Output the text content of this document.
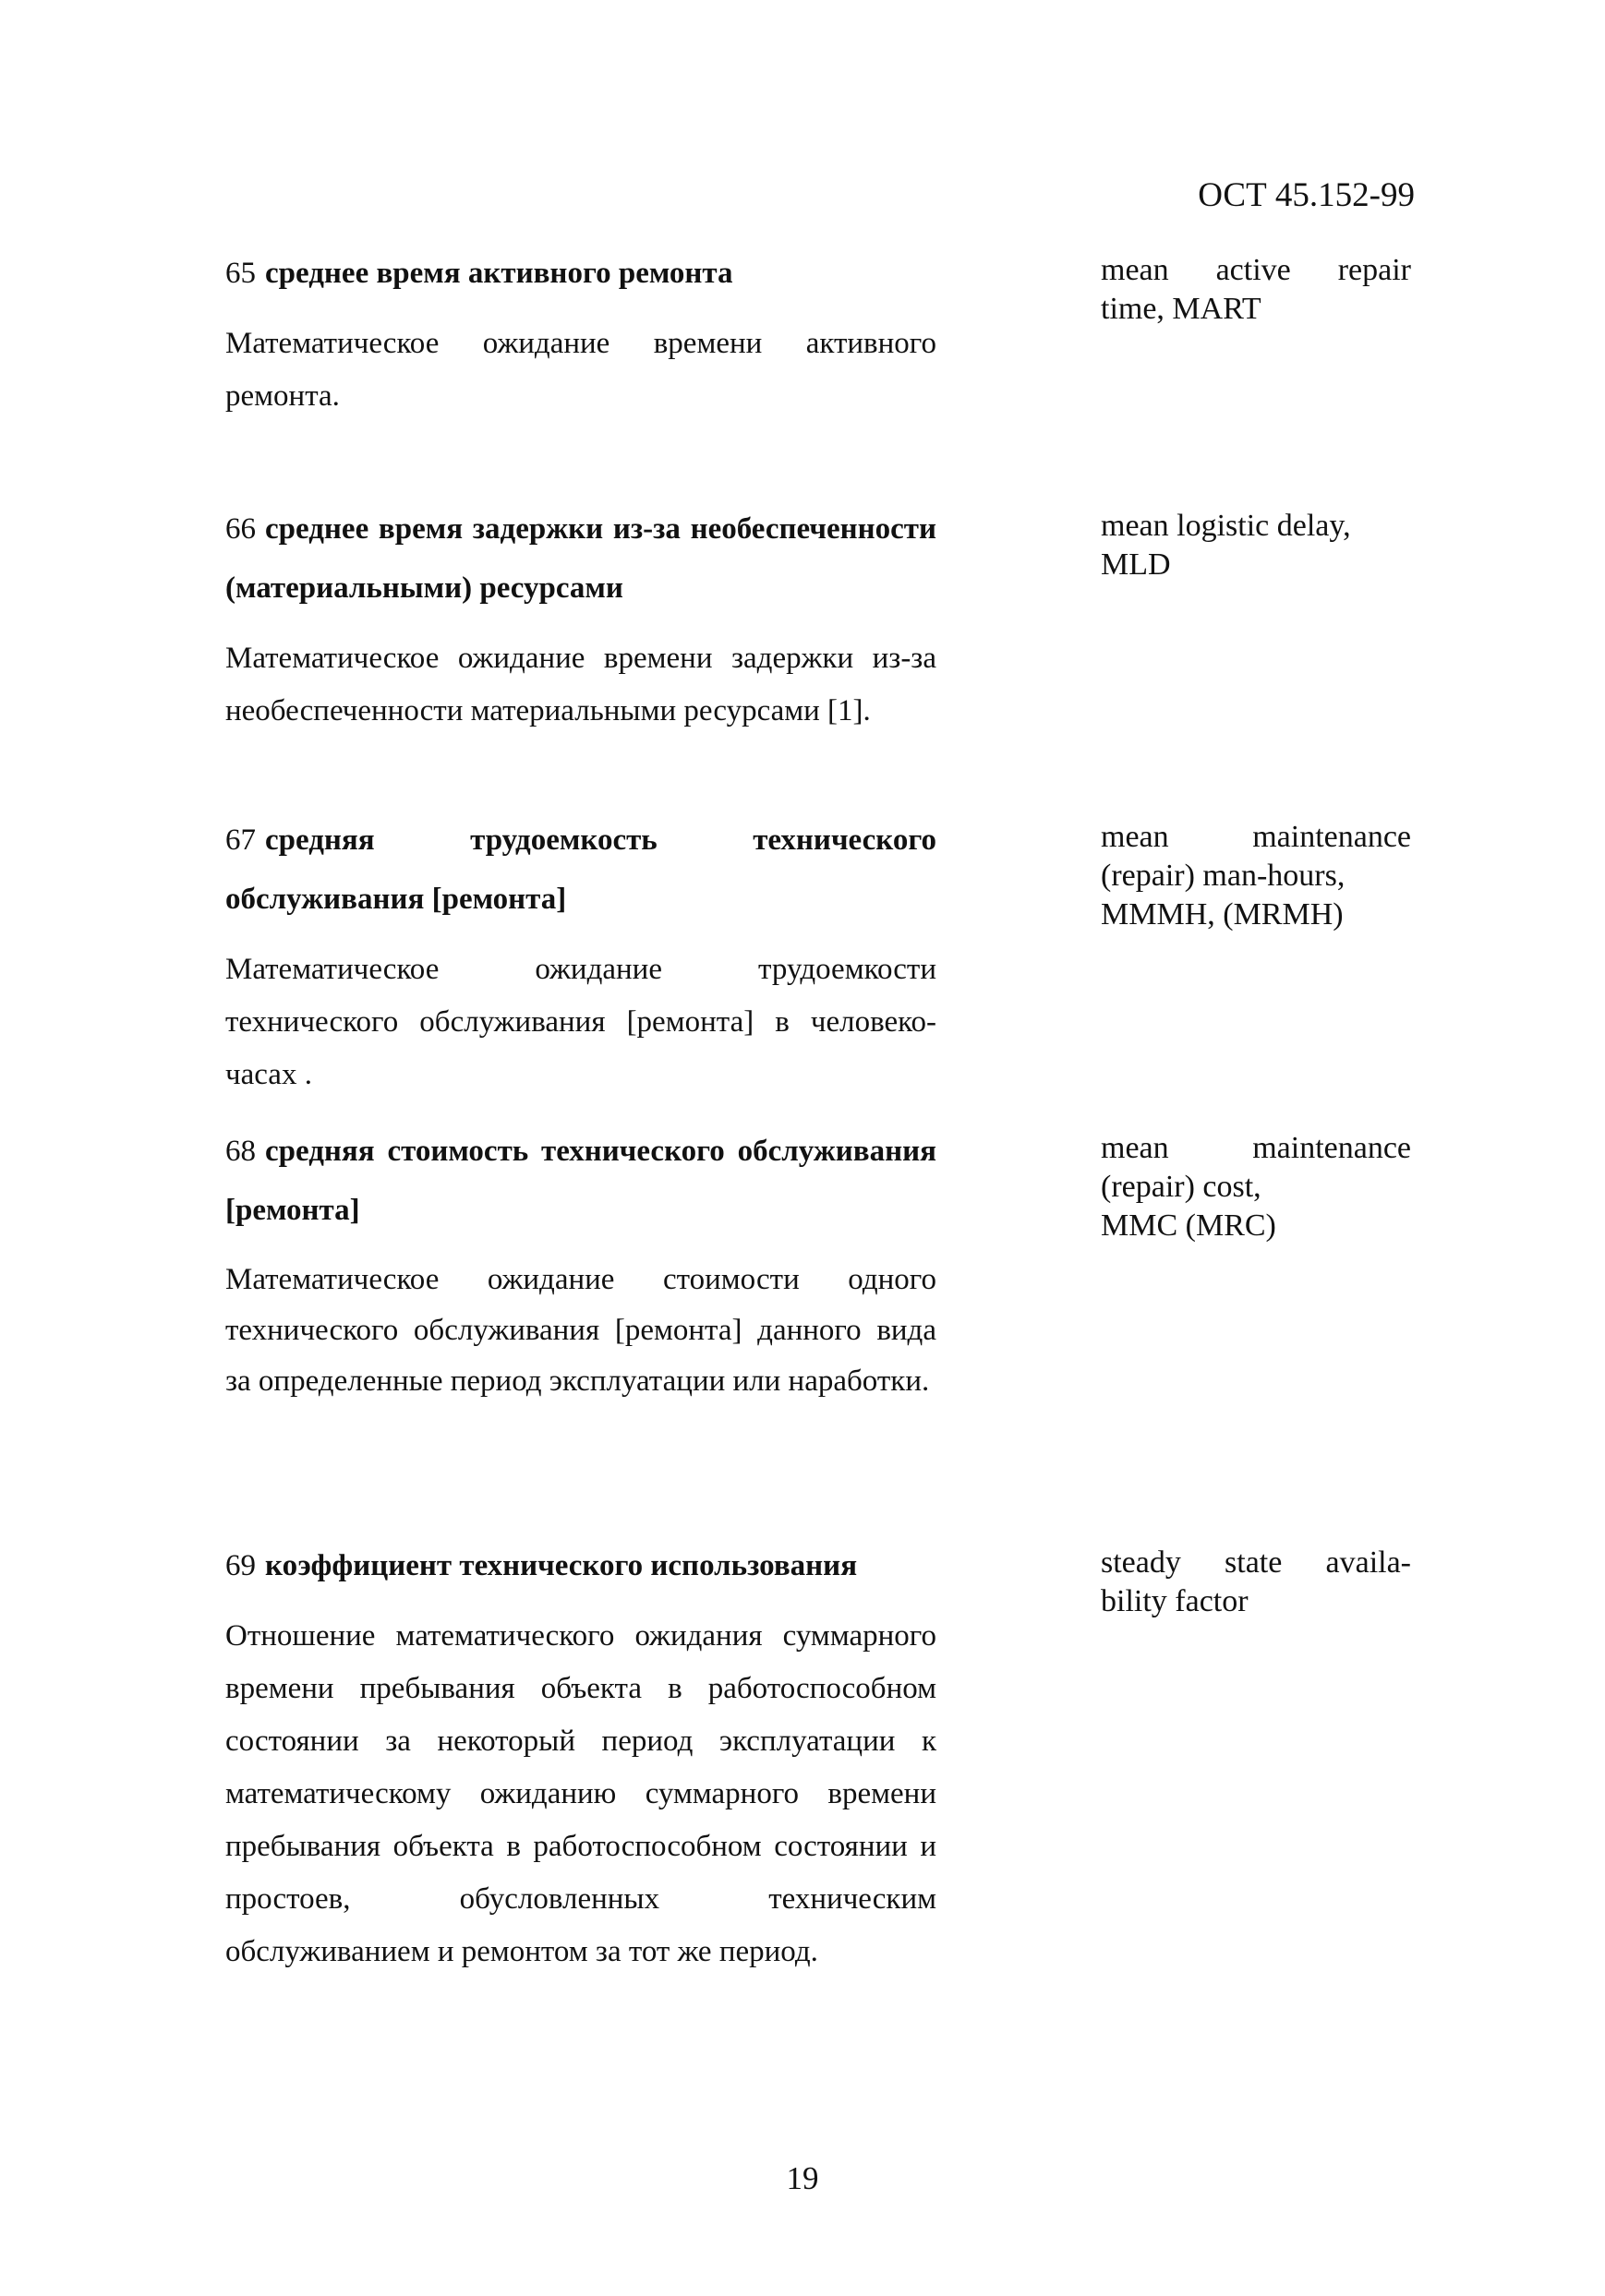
ОСТ 45.152-99
65 среднее время активного ремонта
Математическое ожидание времени активного ремонта.
mean active repair
time, MART
66 среднее время задержки из-за необеспеченности (материальными) ресурсами
Математическое ожидание времени задержки из-за необеспеченности материальными ресурсами [1].
mean logistic delay,
MLD
67 средняя трудоемкость технического обслуживания [ремонта]
Математическое ожидание трудоемкости технического обслуживания [ремонта] в человеко-часах .
mean maintenance
(repair) man-hours,
MMMH, (MRMH)
68 средняя стоимость технического обслуживания [ремонта]
Математическое ожидание стоимости одного технического обслуживания [ремонта] данного вида за определенные период эксплуатации или наработки.
mean maintenance
(repair) cost,
MMC (MRC)
69 коэффициент технического использования
Отношение математического ожидания суммарного времени пребывания объекта в работоспособном состоянии за некоторый период эксплуатации к математическому ожиданию суммарного времени пребывания объекта в работоспособном состоянии и простоев, обусловленных техническим обслуживанием и ремонтом за тот же период.
steady state availa-
bility factor
19
